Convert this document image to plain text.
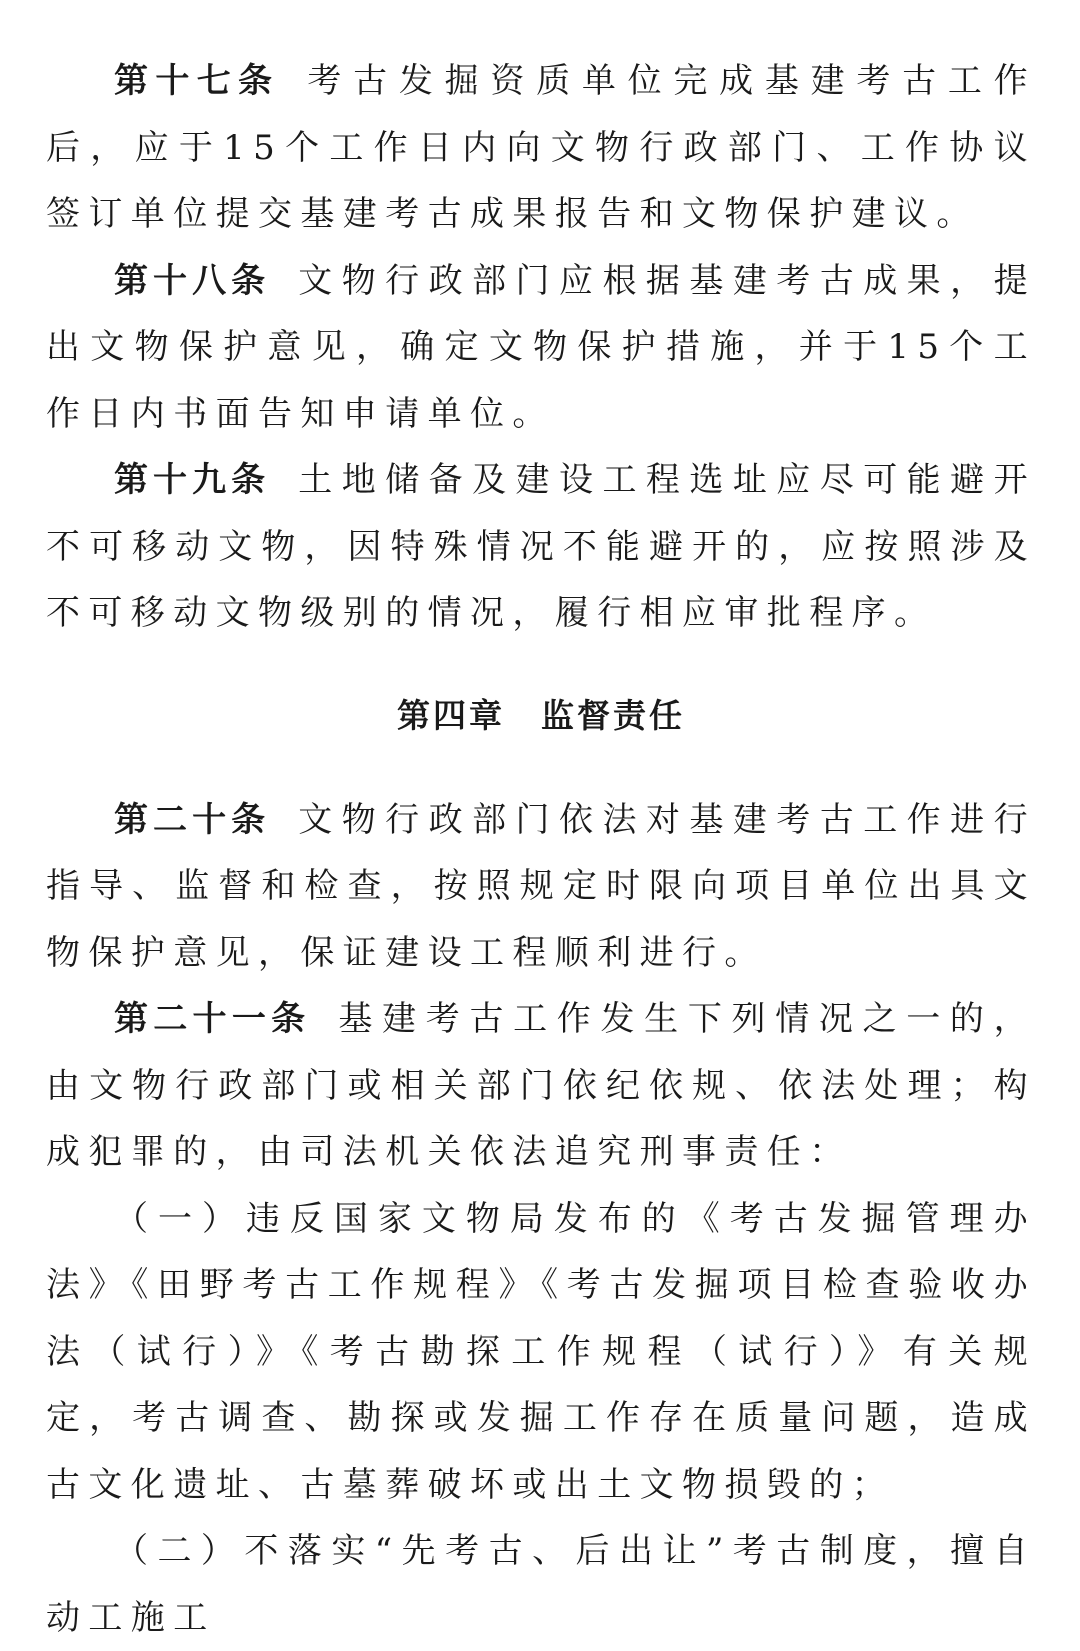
第十七条 考古发掘资质单位完成基建考古工作后，应于15个工作日内向文物行政部门、工作协议签订单位提交基建考古成果报告和文物保护建议。

第十八条 文物行政部门应根据基建考古成果，提出文物保护意见，确定文物保护措施，并于15个工作日内书面告知申请单位。

第十九条 土地储备及建设工程选址应尽可能避开不可移动文物，因特殊情况不能避开的，应按照涉及不可移动文物级别的情况，履行相应审批程序。

第四章 监督责任

第二十条 文物行政部门依法对基建考古工作进行指导、监督和检查，按照规定时限向项目单位出具文物保护意见，保证建设工程顺利进行。

第二十一条 基建考古工作发生下列情况之一的，由文物行政部门或相关部门依纪依规、依法处理；构成犯罪的，由司法机关依法追究刑事责任：

（一）违反国家文物局发布的《考古发掘管理办法》《田野考古工作规程》《考古发掘项目检查验收办法（试行）》《考古勘探工作规程（试行）》有关规定，考古调查、勘探或发掘工作存在质量问题，造成古文化遗址、古墓葬破坏或出土文物损毁的；

（二）不落实“先考古、后出让”考古制度，擅自动工施工
